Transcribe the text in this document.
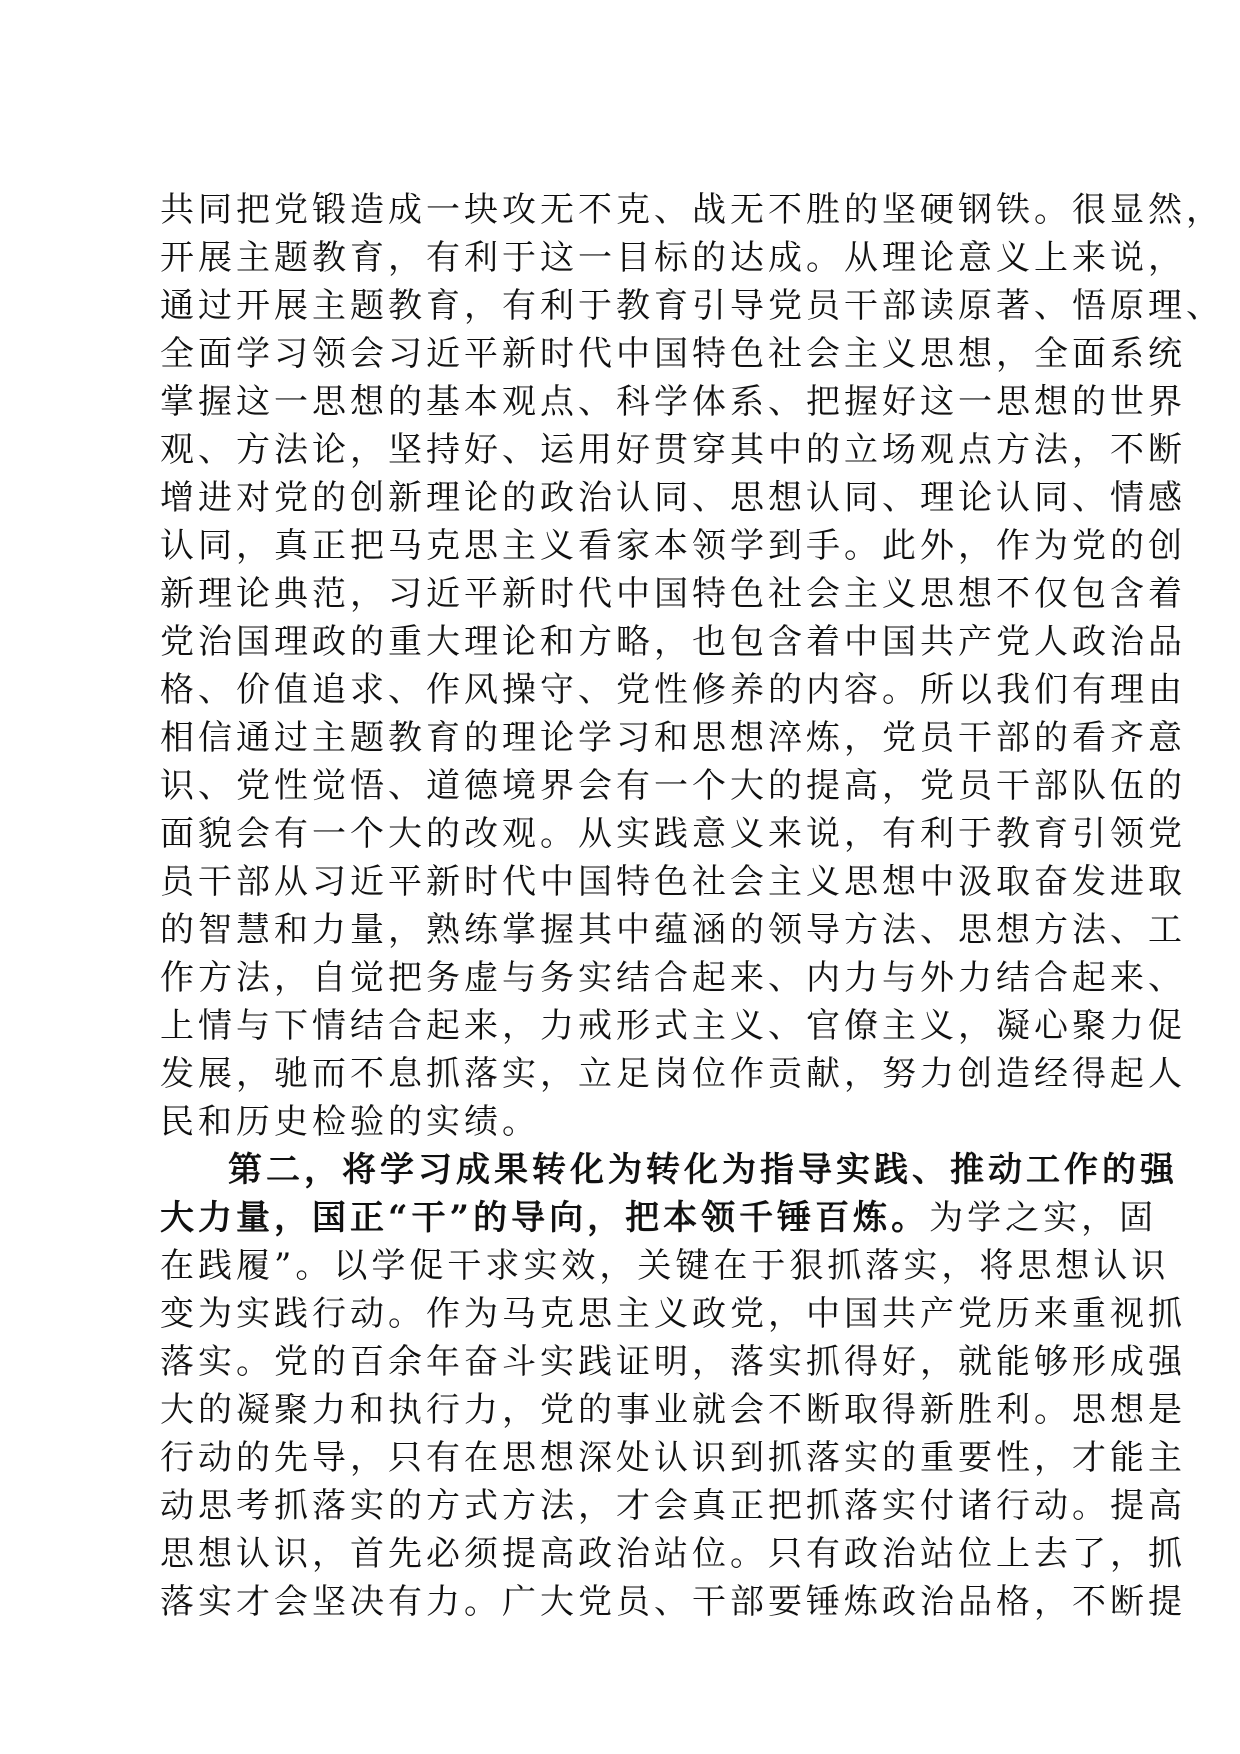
共同把党锻造成一块攻无不克、战无不胜的坚硬钢铁。很显然，
开展主题教育，有利于这一目标的达成。从理论意义上来说，
通过开展主题教育，有利于教育引导党员干部读原著、悟原理、
全面学习领会习近平新时代中国特色社会主义思想，全面系统
掌握这一思想的基本观点、科学体系、把握好这一思想的世界
观、方法论，坚持好、运用好贯穿其中的立场观点方法，不断
增进对党的创新理论的政治认同、思想认同、理论认同、情感
认同，真正把马克思主义看家本领学到手。此外，作为党的创
新理论典范，习近平新时代中国特色社会主义思想不仅包含着
党治国理政的重大理论和方略，也包含着中国共产党人政治品
格、价值追求、作风操守、党性修养的内容。所以我们有理由
相信通过主题教育的理论学习和思想淬炼，党员干部的看齐意
识、党性觉悟、道德境界会有一个大的提高，党员干部队伍的
面貌会有一个大的改观。从实践意义来说，有利于教育引领党
员干部从习近平新时代中国特色社会主义思想中汲取奋发进取
的智慧和力量，熟练掌握其中蕴涵的领导方法、思想方法、工
作方法，自觉把务虚与务实结合起来、内力与外力结合起来、
上情与下情结合起来，力戒形式主义、官僚主义，凝心聚力促
发展，驰而不息抓落实，立足岗位作贡献，努力创造经得起人
民和历史检验的实绩。
第二，将学习成果转化为转化为指导实践、推动工作的强
大力量，国正“干”的导向，把本领千锤百炼。为学之实，固
在践履”。以学促干求实效，关键在于狠抓落实，将思想认识
变为实践行动。作为马克思主义政党，中国共产党历来重视抓
落实。党的百余年奋斗实践证明，落实抓得好，就能够形成强
大的凝聚力和执行力，党的事业就会不断取得新胜利。思想是
行动的先导，只有在思想深处认识到抓落实的重要性，才能主
动思考抓落实的方式方法，才会真正把抓落实付诸行动。提高
思想认识，首先必须提高政治站位。只有政治站位上去了，抓
落实才会坚决有力。广大党员、干部要锤炼政治品格，不断提
